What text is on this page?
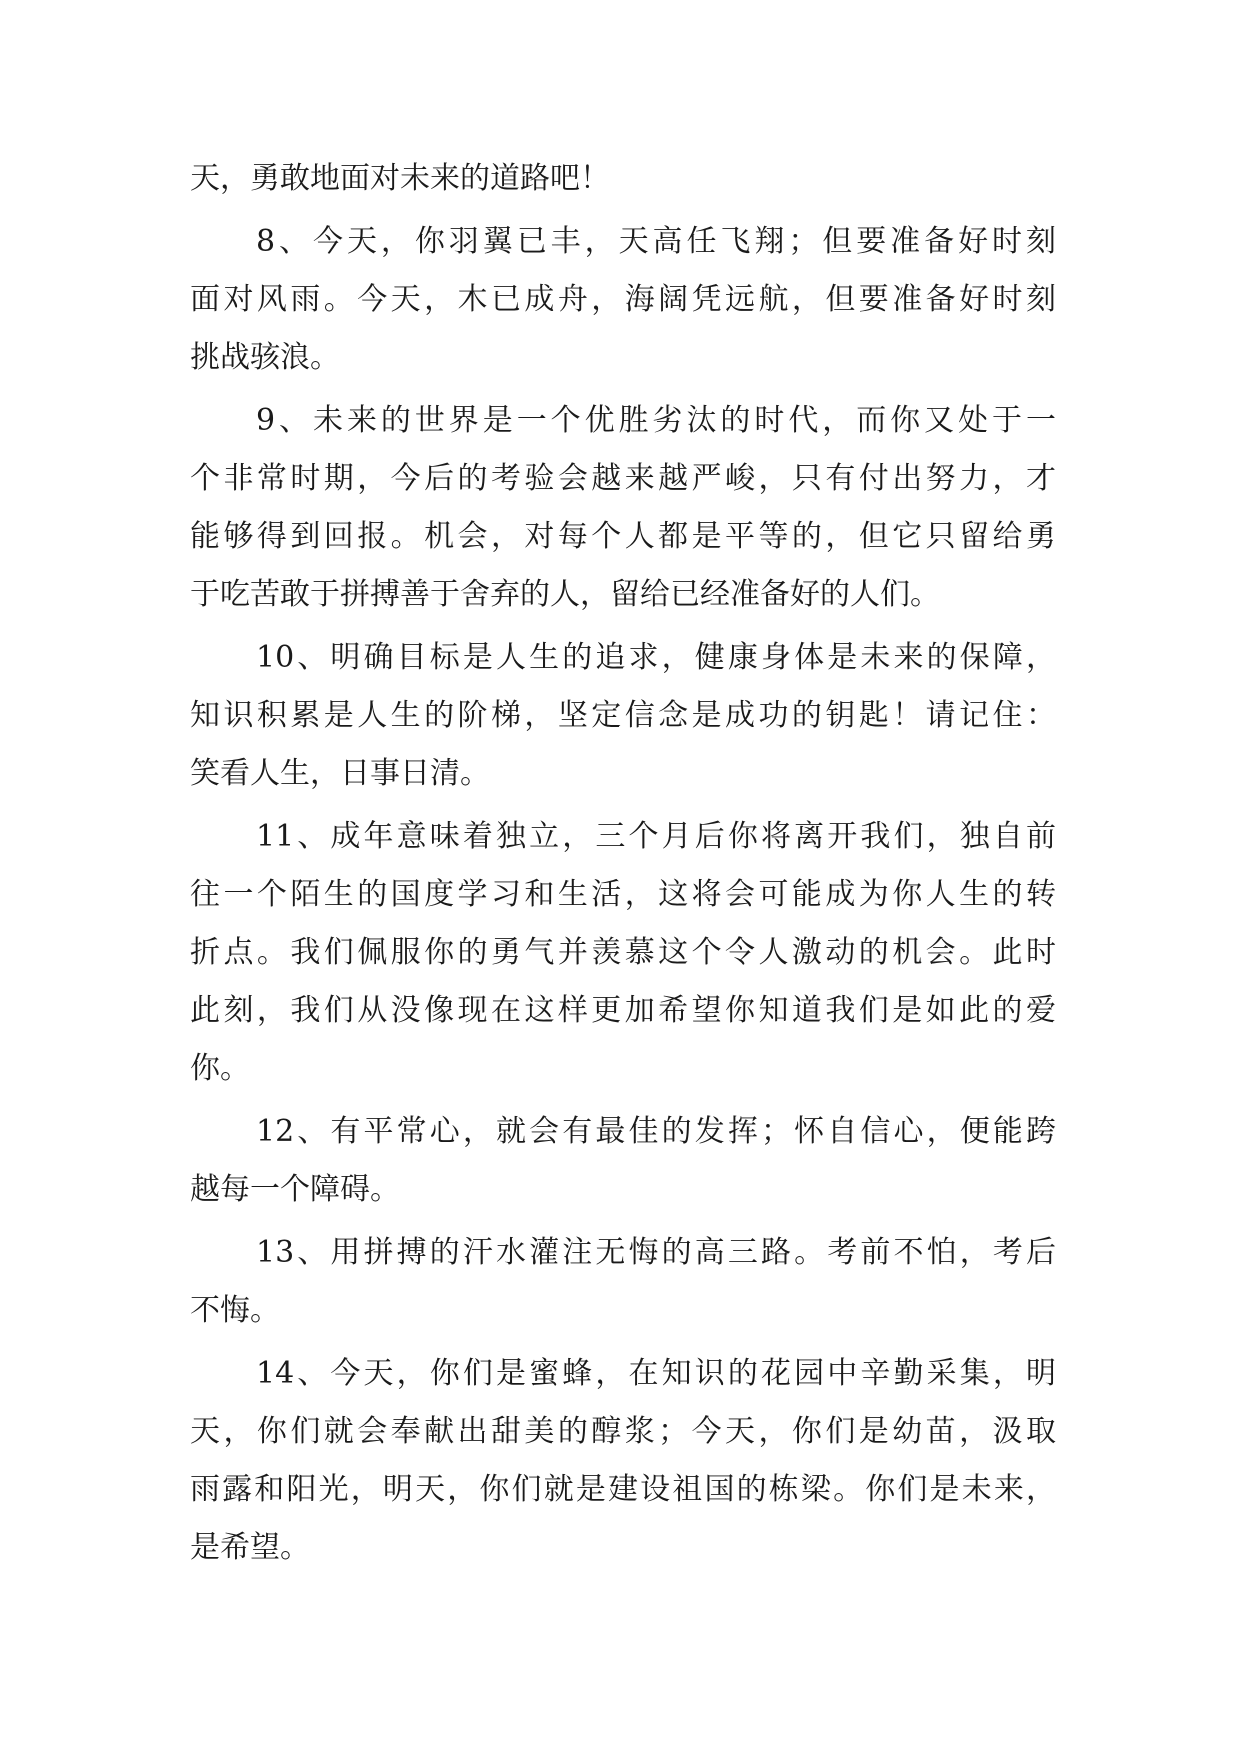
天，勇敢地面对未来的道路吧！
8、今天，你羽翼已丰，天高任飞翔；但要准备好时刻
面对风雨。今天，木已成舟，海阔凭远航，但要准备好时刻
挑战骇浪。
9、未来的世界是一个优胜劣汰的时代，而你又处于一
个非常时期，今后的考验会越来越严峻，只有付出努力，才
能够得到回报。机会，对每个人都是平等的，但它只留给勇
于吃苦敢于拼搏善于舍弃的人，留给已经准备好的人们。
10、明确目标是人生的追求，健康身体是未来的保障，
知识积累是人生的阶梯，坚定信念是成功的钥匙！请记住：
笑看人生，日事日清。
11、成年意味着独立，三个月后你将离开我们，独自前
往一个陌生的国度学习和生活，这将会可能成为你人生的转
折点。我们佩服你的勇气并羡慕这个令人激动的机会。此时
此刻，我们从没像现在这样更加希望你知道我们是如此的爱
你。
12、有平常心，就会有最佳的发挥；怀自信心，便能跨
越每一个障碍。
13、用拼搏的汗水灌注无悔的高三路。考前不怕，考后
不悔。
14、今天，你们是蜜蜂，在知识的花园中辛勤采集，明
天，你们就会奉献出甜美的醇浆；今天，你们是幼苗，汲取
雨露和阳光，明天，你们就是建设祖国的栋梁。你们是未来，
是希望。
